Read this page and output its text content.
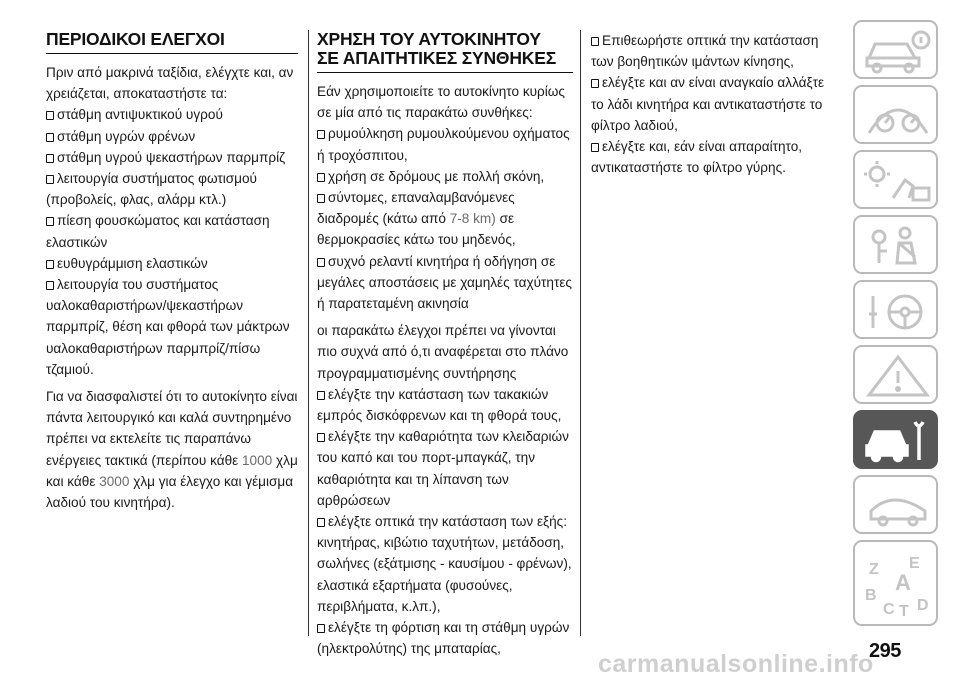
ΠΕΡΙΟΔΙΚΟΙ ΕΛΕΓΧΟΙ

Πριν από μακρινά ταξίδια, ελέγχτε και, αν χρειάζεται, αποκαταστήστε τα:

στάθμη αντιψυκτικού υγρού
στάθμη υγρών φρένων
στάθμη υγρού ψεκαστήρων παρμπρίζ
λειτουργία συστήματος φωτισμού (προβολείς, φλας, αλάρμ κτλ.)
πίεση φουσκώματος και κατάσταση ελαστικών
ευθυγράμμιση ελαστικών
λειτουργία του συστήματος υαλοκαθαριστήρων/ψεκαστήρων παρμπρίζ, θέση και φθορά των μάκτρων υαλοκαθαριστήρων παρμπρίζ/πίσω τζαμιού.

Για να διασφαλιστεί ότι το αυτοκίνητο είναι πάντα λειτουργικό και καλά συντηρημένο πρέπει να εκτελείτε τις παραπάνω ενέργειες τακτικά (περίπου κάθε 1000 χλμ και κάθε 3000 χλμ για έλεγχο και γέμισμα λαδιού του κινητήρα).

ΧΡΗΣΗ ΤΟΥ ΑΥΤΟΚΙΝΗΤΟΥ
ΣΕ ΑΠΑΙΤΗΤΙΚΕΣ ΣΥΝΘΗΚΕΣ

Εάν χρησιμοποιείτε το αυτοκίνητο κυρίως σε μία από τις παρακάτω συνθήκες:

ρυμούλκηση ρυμουλκούμενου οχήματος ή τροχόσπιτου,
χρήση σε δρόμους με πολλή σκόνη,
σύντομες, επαναλαμβανόμενες διαδρομές (κάτω από 7-8 km) σε θερμοκρασίες κάτω του μηδενός,
συχνό ρελαντί κινητήρα ή οδήγηση σε μεγάλες αποστάσεις με χαμηλές ταχύτητες ή παρατεταμένη ακινησία

οι παρακάτω έλεγχοι πρέπει να γίνονται πιο συχνά από ό,τι αναφέρεται στο πλάνο προγραμματισμένης συντήρησης

ελέγξτε την κατάσταση των τακακιών εμπρός δισκόφρενων και τη φθορά τους,
ελέγξτε την καθαριότητα των κλειδαριών του καπό και του πορτ-μπαγκάζ, την καθαριότητα και τη λίπανση των αρθρώσεων
ελέγξτε οπτικά την κατάσταση των εξής: κινητήρας, κιβώτιο ταχυτήτων, μετάδοση, σωλήνες (εξάτμισης - καυσίμου - φρένων), ελαστικά εξαρτήματα (φυσούνες, περιβλήματα, κ.λπ.),
ελέγξτε τη φόρτιση και τη στάθμη υγρών (ηλεκτρολύτης) της μπαταρίας,
Επιθεωρήστε οπτικά την κατάσταση των βοηθητικών ιμάντων κίνησης,
ελέγξτε και αν είναι αναγκαίο αλλάξτε το λάδι κινητήρα και αντικαταστήστε το φίλτρο λαδιού,
ελέγξτε και, εάν είναι απαραίτητο, αντικαταστήστε το φίλτρο γύρης.
Z E
A
B
C T D
carmanualsonline.info
295
